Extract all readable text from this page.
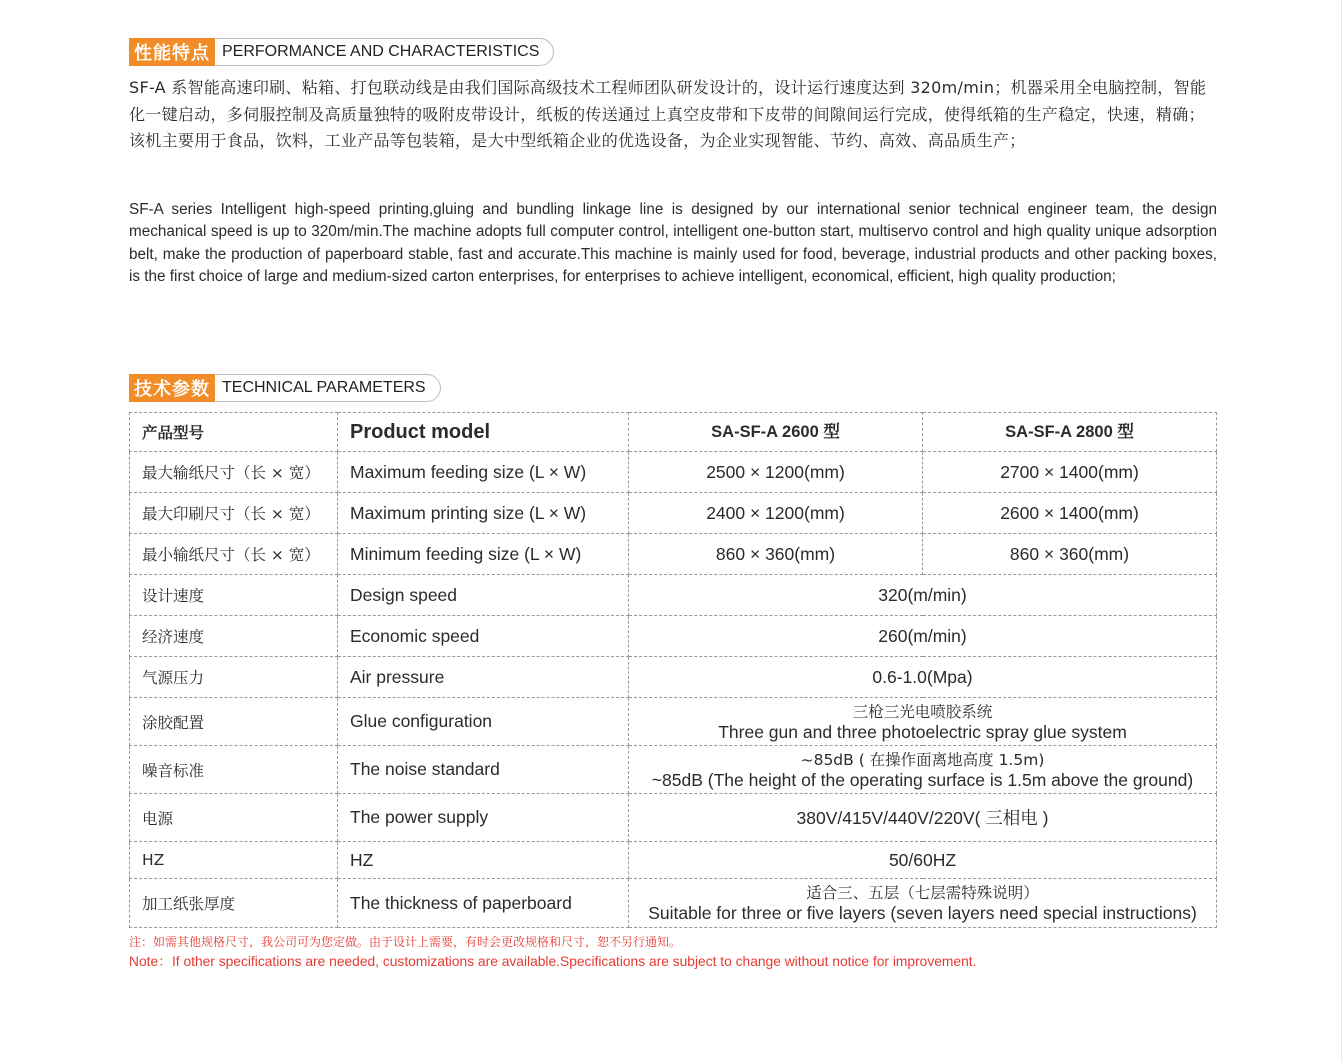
性能特点 PERFORMANCE AND CHARACTERISTICS

SF-A 系智能高速印刷、粘箱、打包联动线是由我们国际高级技术工程师团队研发设计的，设计运行速度达到 320m/min；机器采用全电脑控制，智能化一键启动，多伺服控制及高质量独特的吸附皮带设计，纸板的传送通过上真空皮带和下皮带的间隙间运行完成，使得纸箱的生产稳定，快速，精确；该机主要用于食品，饮料，工业产品等包装箱，是大中型纸箱企业的优选设备，为企业实现智能、节约、高效、高品质生产；

SF-A series Intelligent high-speed printing,gluing and bundling linkage line is designed by our international senior technical engineer team, the design mechanical speed is up to 320m/min.The machine adopts full computer control, intelligent one-button start, multiservo control and high quality unique adsorption belt, make the production of paperboard stable, fast and accurate.This machine is mainly used for food, beverage, industrial products and other packing boxes, is the first choice of large and medium-sized carton enterprises, for enterprises to achieve intelligent, economical, efficient, high quality production;

技术参数 TECHNICAL PARAMETERS
产品型号	Product model	SA-SF-A 2600 型	SA-SF-A 2800 型
最大输纸尺寸（长 × 宽）	Maximum feeding size (L × W)	2500 × 1200(mm)	2700 × 1400(mm)
最大印刷尺寸（长 × 宽）	Maximum printing size (L × W)	2400 × 1200(mm)	2600 × 1400(mm)
最小输纸尺寸（长 × 宽）	Minimum feeding size (L × W)	860 × 360(mm)	860 × 360(mm)
设计速度	Design speed	320(m/min)	
经济速度	Economic speed	260(m/min)	
气源压力	Air pressure	0.6-1.0(Mpa)	
涂胶配置	Glue configuration	三枪三光电喷胶系统
Three gun and three photoelectric spray glue system	

噪音标准	The noise standard	~85dB ( 在操作面离地高度 1.5m)
~85dB (The height of the operating surface is 1.5m above the ground)	

电源	The power supply	380V/415V/440V/220V( 三相电 )	
HZ	HZ	50/60HZ	
加工纸张厚度	The thickness of paperboard	适合三、五层（七层需特殊说明）
Suitable for three or five layers (seven layers need special instructions)	

注：如需其他规格尺寸，我公司可为您定做。由于设计上需要，有时会更改规格和尺寸，恕不另行通知。

Note：If other specifications are needed, customizations are available.Specifications are subject to change without notice for improvement.
